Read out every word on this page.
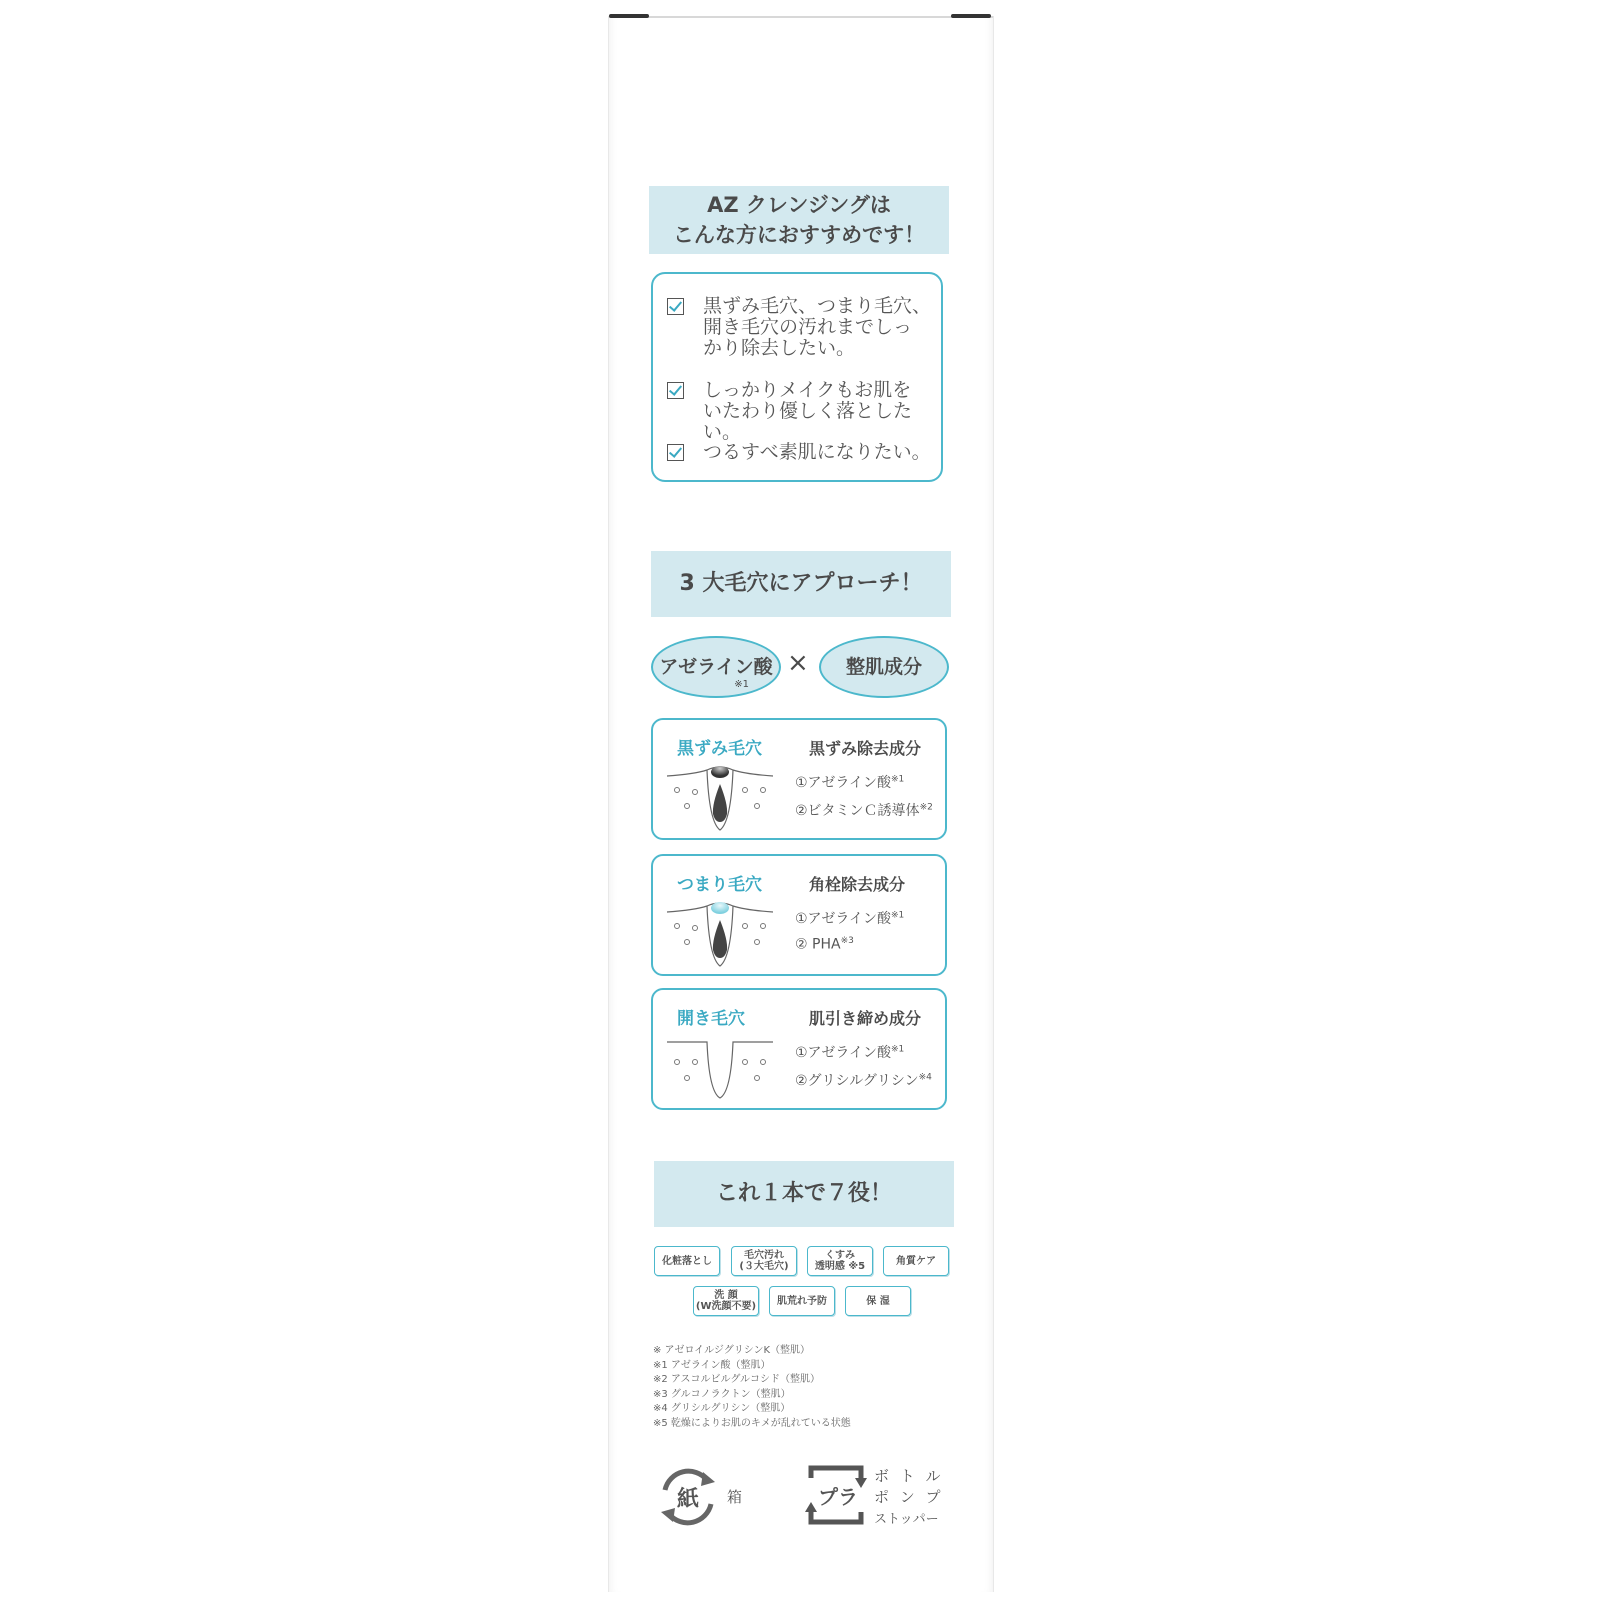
AZ クレンジングは
こんな方におすすめです！
黒ずみ毛穴、つまり毛穴、
開き毛穴の汚れまでしっ
かり除去したい。
しっかりメイクもお肌を
いたわり優しく落としたい。
つるすべ素肌になりたい。
3 大毛穴にアプローチ！
アゼライン酸
※1
×	整肌成分
黒ずみ毛穴	黒ずみ除去成分
①アゼライン酸$^{※1}$
②ビタミンＣ誘導体$^{※2}$
つまり毛穴	角栓除去成分
①アゼライン酸$^{※1}$
② PHA$^{※3}$
開き毛穴	肌引き締め成分
①アゼライン酸$^{※1}$
②グリシルグリシン$^{※4}$
これ１本で７役！
化粧落とし	毛穴汚れ
(３大毛穴)
くすみ
透明感 ※5	角質ケア
洗 顔
(W洗顔不要)	肌荒れ予防	保 湿
※ アゼロイルジグリシンK（整肌）
※1 アゼライン酸（整肌）
※2 アスコルビルグルコシド（整肌）
※3 グルコノラクトン（整肌）
※4 グリシルグリシン（整肌）
※5 乾燥によりお肌のキメが乱れている状態
紙 箱	プラ
ボ ト ル
ポ ン プ
ストッパー
